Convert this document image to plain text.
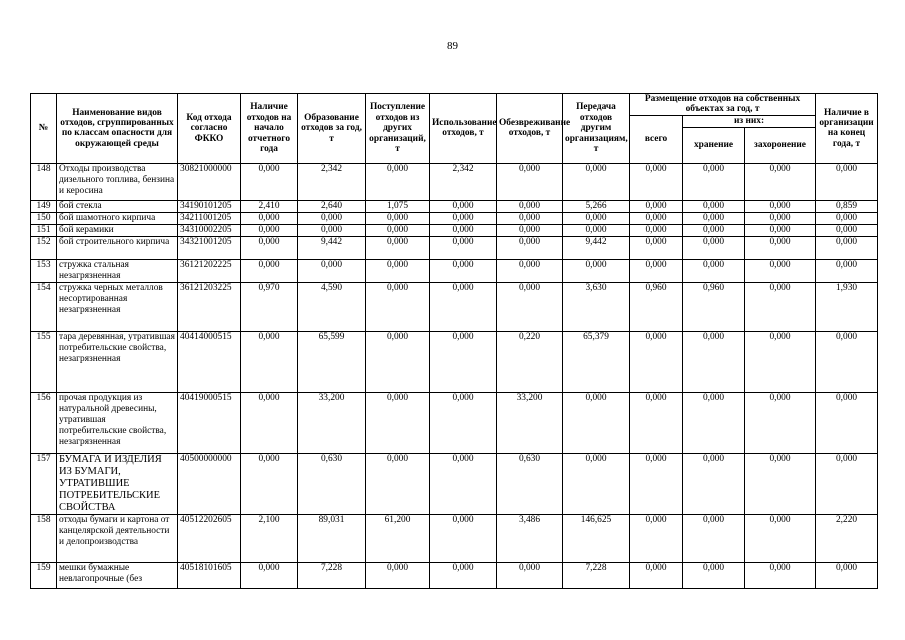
89
№	Наименование видов отходов, сгруппированных по классам опасности для окружающей среды	Код отхода согласно ФККО	Наличие отходов на начало отчетного года	Образование отходов за год, т	Поступление отходов из других организаций, т	Использование отходов, т	Обезвреживание отходов, т	Передача отходов другим организациям, т	Размещение отходов на собственных объектах за год, т			Наличие в организации на конец года, т
									всего	из них:		
										хранение	захоронение	
148	Отходы производства дизельного топлива, бензина и керосина	30821000000	0,000	2,342	0,000	2,342	0,000	0,000	0,000	0,000	0,000	0,000
149	бой стекла	34190101205	2,410	2,640	1,075	0,000	0,000	5,266	0,000	0,000	0,000	0,859
150	бой шамотного кирпича	34211001205	0,000	0,000	0,000	0,000	0,000	0,000	0,000	0,000	0,000	0,000
151	бой керамики	34310002205	0,000	0,000	0,000	0,000	0,000	0,000	0,000	0,000	0,000	0,000
152	бой строительного кирпича	34321001205	0,000	9,442	0,000	0,000	0,000	9,442	0,000	0,000	0,000	0,000
153	стружка стальная незагрязненная	36121202225	0,000	0,000	0,000	0,000	0,000	0,000	0,000	0,000	0,000	0,000
154	стружка черных металлов несортированная незагрязненная	36121203225	0,970	4,590	0,000	0,000	0,000	3,630	0,960	0,960	0,000	1,930
155	тара деревянная, утратившая потребительские свойства, незагрязненная	40414000515	0,000	65,599	0,000	0,000	0,220	65,379	0,000	0,000	0,000	0,000
156	прочая продукция из натуральной древесины, утратившая потребительские свойства, незагрязненная	40419000515	0,000	33,200	0,000	0,000	33,200	0,000	0,000	0,000	0,000	0,000
157	БУМАГА И ИЗДЕЛИЯ ИЗ БУМАГИ, УТРАТИВШИЕ ПОТРЕБИТЕЛЬСКИЕ СВОЙСТВА	40500000000	0,000	0,630	0,000	0,000	0,630	0,000	0,000	0,000	0,000	0,000
158	отходы бумаги и картона от канцелярской деятельности и делопроизводства	40512202605	2,100	89,031	61,200	0,000	3,486	146,625	0,000	0,000	0,000	2,220
159	мешки бумажные невлагопрочные (без	40518101605	0,000	7,228	0,000	0,000	0,000	7,228	0,000	0,000	0,000	0,000
